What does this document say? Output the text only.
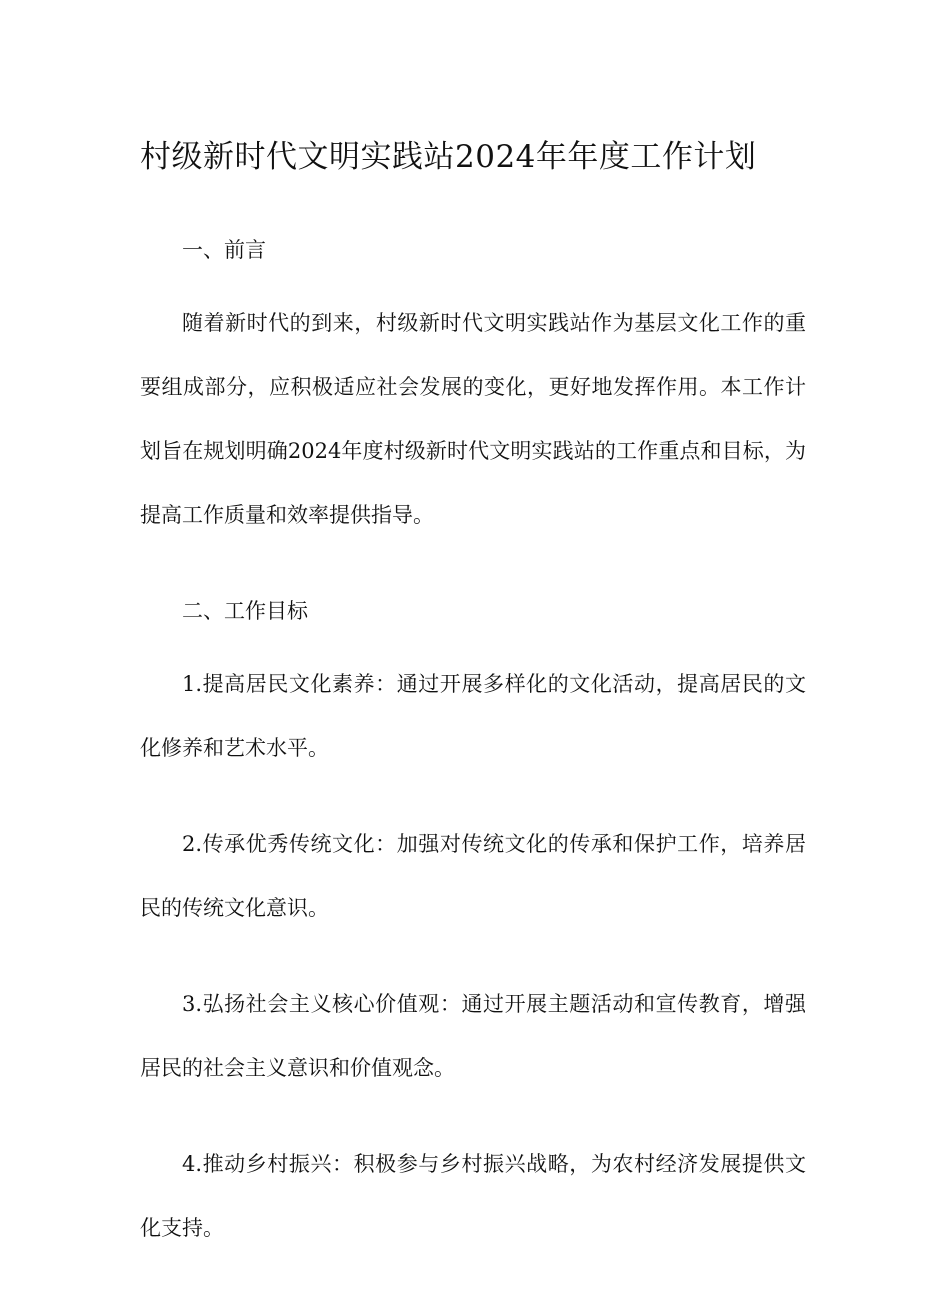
村级新时代文明实践站2024年年度工作计划

一、前言

随着新时代的到来，村级新时代文明实践站作为基层文化工作的重要组成部分，应积极适应社会发展的变化，更好地发挥作用。本工作计划旨在规划明确2024年度村级新时代文明实践站的工作重点和目标，为提高工作质量和效率提供指导。

二、工作目标

1.提高居民文化素养：通过开展多样化的文化活动，提高居民的文化修养和艺术水平。

2.传承优秀传统文化：加强对传统文化的传承和保护工作，培养居民的传统文化意识。

3.弘扬社会主义核心价值观：通过开展主题活动和宣传教育，增强居民的社会主义意识和价值观念。

4.推动乡村振兴：积极参与乡村振兴战略，为农村经济发展提供文化支持。
